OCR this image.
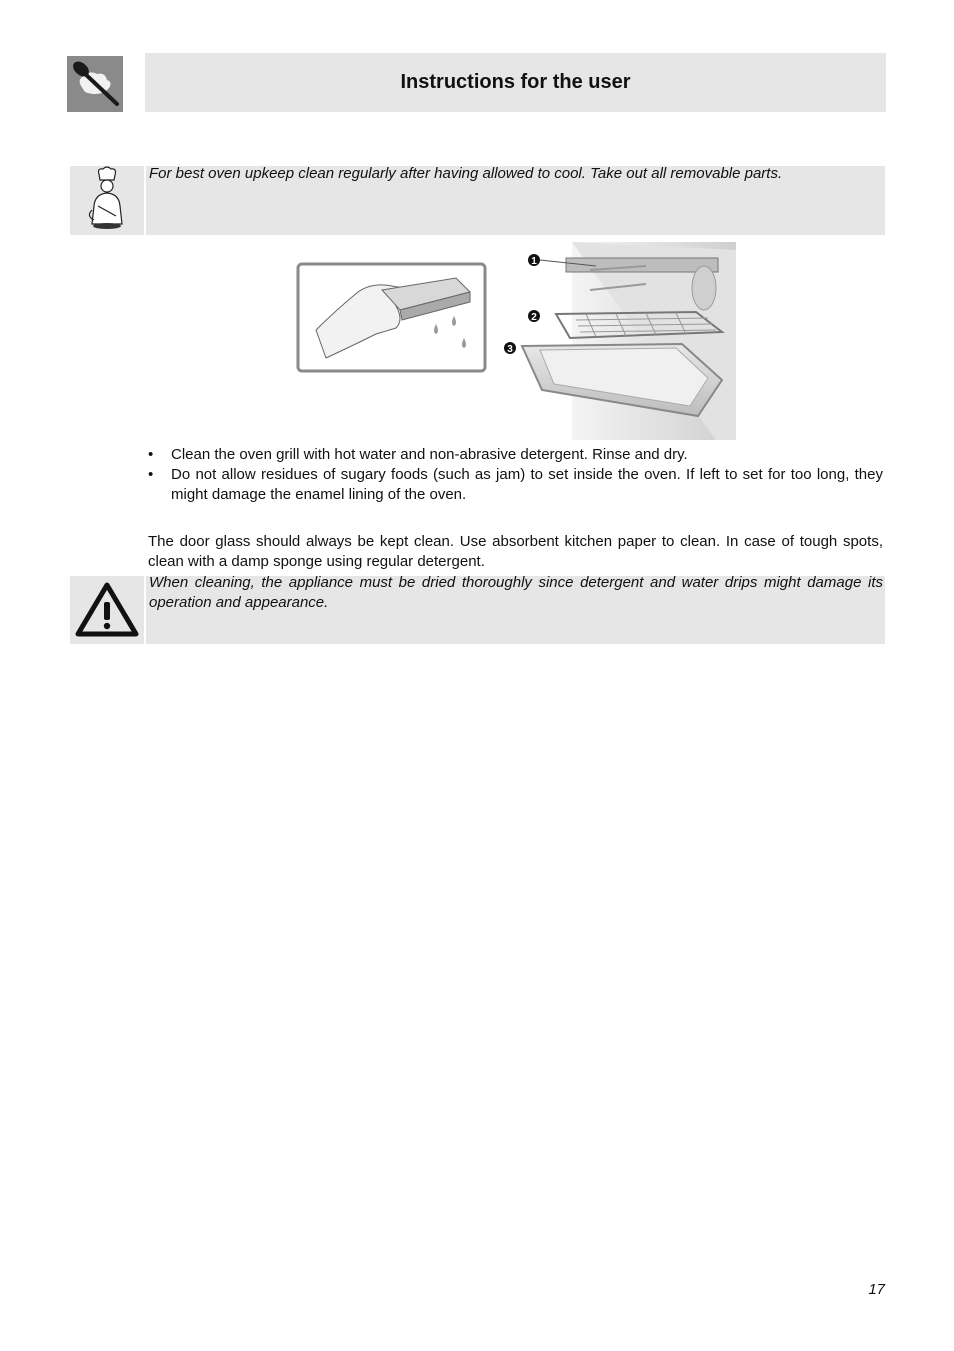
Instructions for the user
For best oven upkeep clean regularly after having allowed to cool. Take out all removable parts.
1
2
3
• Clean the oven grill with hot water and non-abrasive detergent. Rinse and dry.
• Do not allow residues of sugary foods (such as jam) to set inside the oven. If left to set for too long, they might damage the enamel lining of the oven.
The door glass should always be kept clean. Use absorbent kitchen paper to clean. In case of tough spots, clean with a damp sponge using regular detergent.
When cleaning, the appliance must be dried thoroughly since detergent and water drips might damage its operation and appearance.
17
